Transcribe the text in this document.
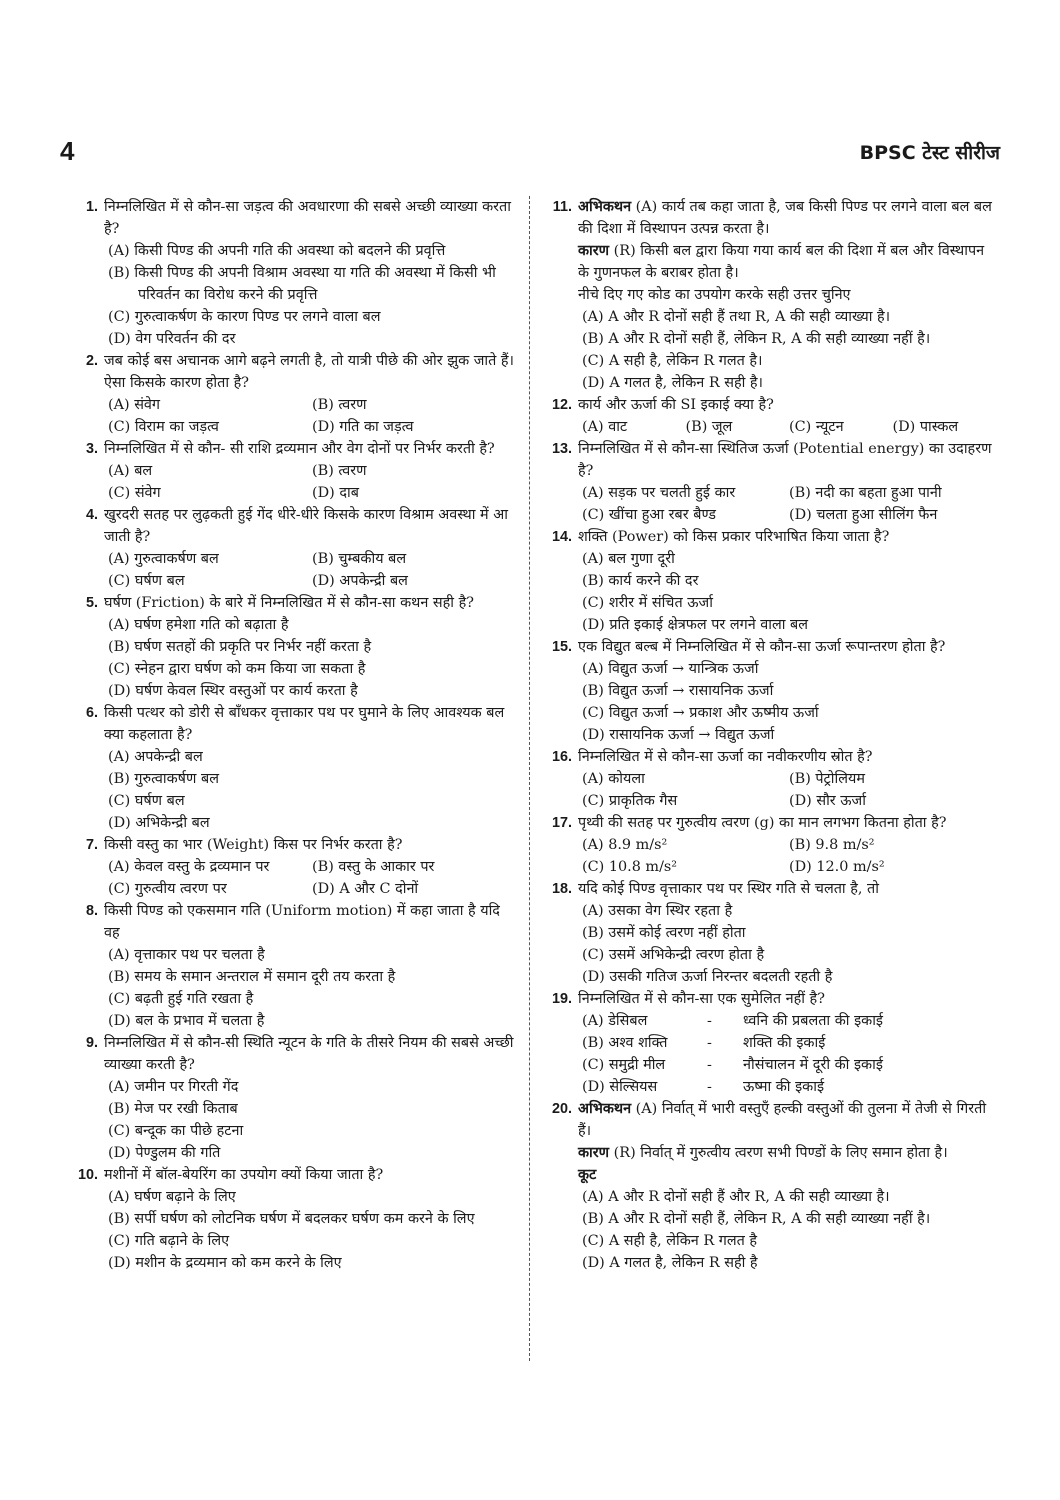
4	BPSC टेस्ट सीरीज
1. निम्नलिखित में से कौन-सा जड़त्व की अवधारणा की सबसे अच्छी व्याख्या करता है?
(A) किसी पिण्ड की अपनी गति की अवस्था को बदलने की प्रवृत्ति
(B) किसी पिण्ड की अपनी विश्राम अवस्था या गति की अवस्था में किसी भी परिवर्तन का विरोध करने की प्रवृत्ति
(C) गुरुत्वाकर्षण के कारण पिण्ड पर लगने वाला बल
(D) वेग परिवर्तन की दर
2. जब कोई बस अचानक आगे बढ़ने लगती है, तो यात्री पीछे की ओर झुक जाते हैं। ऐसा किसके कारण होता है?
(A) संवेग	(B) त्वरण
(C) विराम का जड़त्व	(D) गति का जड़त्व
3. निम्नलिखित में से कौन- सी राशि द्रव्यमान और वेग दोनों पर निर्भर करती है?
(A) बल	(B) त्वरण
(C) संवेग	(D) दाब
4. खुरदरी सतह पर लुढ़कती हुई गेंद धीरे-धीरे किसके कारण विश्राम अवस्था में आ जाती है?
(A) गुरुत्वाकर्षण बल	(B) चुम्बकीय बल
(C) घर्षण बल	(D) अपकेन्द्री बल
5. घर्षण (Friction) के बारे में निम्नलिखित में से कौन-सा कथन सही है?
(A) घर्षण हमेशा गति को बढ़ाता है
(B) घर्षण सतहों की प्रकृति पर निर्भर नहीं करता है
(C) स्नेहन द्वारा घर्षण को कम किया जा सकता है
(D) घर्षण केवल स्थिर वस्तुओं पर कार्य करता है
6. किसी पत्थर को डोरी से बाँधकर वृत्ताकार पथ पर घुमाने के लिए आवश्यक बल क्या कहलाता है?
(A) अपकेन्द्री बल
(B) गुरुत्वाकर्षण बल
(C) घर्षण बल
(D) अभिकेन्द्री बल
7. किसी वस्तु का भार (Weight) किस पर निर्भर करता है?
(A) केवल वस्तु के द्रव्यमान पर	(B) वस्तु के आकार पर
(C) गुरुत्वीय त्वरण पर	(D) A और C दोनों
8. किसी पिण्ड को एकसमान गति (Uniform motion) में कहा जाता है यदि वह
(A) वृत्ताकार पथ पर चलता है
(B) समय के समान अन्तराल में समान दूरी तय करता है
(C) बढ़ती हुई गति रखता है
(D) बल के प्रभाव में चलता है
9. निम्नलिखित में से कौन-सी स्थिति न्यूटन के गति के तीसरे नियम की सबसे अच्छी व्याख्या करती है?
(A) जमीन पर गिरती गेंद
(B) मेज पर रखी किताब
(C) बन्दूक का पीछे हटना
(D) पेण्डुलम की गति
10. मशीनों में बॉल-बेयरिंग का उपयोग क्यों किया जाता है?
(A) घर्षण बढ़ाने के लिए
(B) सर्पी घर्षण को लोटनिक घर्षण में बदलकर घर्षण कम करने के लिए
(C) गति बढ़ाने के लिए
(D) मशीन के द्रव्यमान को कम करने के लिए
11. अभिकथन (A) कार्य तब कहा जाता है, जब किसी पिण्ड पर लगने वाला बल बल की दिशा में विस्थापन उत्पन्न करता है।
कारण (R) किसी बल द्वारा किया गया कार्य बल की दिशा में बल और विस्थापन के गुणनफल के बराबर होता है।
नीचे दिए गए कोड का उपयोग करके सही उत्तर चुनिए
(A) A और R दोनों सही हैं तथा R, A की सही व्याख्या है।
(B) A और R दोनों सही हैं, लेकिन R, A की सही व्याख्या नहीं है।
(C) A सही है, लेकिन R गलत है।
(D) A गलत है, लेकिन R सही है।
12. कार्य और ऊर्जा की SI इकाई क्या है?
(A) वाट	(B) जूल	(C) न्यूटन	(D) पास्कल
13. निम्नलिखित में से कौन-सा स्थितिज ऊर्जा (Potential energy) का उदाहरण है?
(A) सड़क पर चलती हुई कार	(B) नदी का बहता हुआ पानी
(C) खींचा हुआ रबर बैण्ड	(D) चलता हुआ सीलिंग फैन
14. शक्ति (Power) को किस प्रकार परिभाषित किया जाता है?
(A) बल गुणा दूरी
(B) कार्य करने की दर
(C) शरीर में संचित ऊर्जा
(D) प्रति इकाई क्षेत्रफल पर लगने वाला बल
15. एक विद्युत बल्ब में निम्नलिखित में से कौन-सा ऊर्जा रूपान्तरण होता है?
(A) विद्युत ऊर्जा → यान्त्रिक ऊर्जा
(B) विद्युत ऊर्जा → रासायनिक ऊर्जा
(C) विद्युत ऊर्जा → प्रकाश और ऊष्मीय ऊर्जा
(D) रासायनिक ऊर्जा → विद्युत ऊर्जा
16. निम्नलिखित में से कौन-सा ऊर्जा का नवीकरणीय स्रोत है?
(A) कोयला	(B) पेट्रोलियम
(C) प्राकृतिक गैस	(D) सौर ऊर्जा
17. पृथ्वी की सतह पर गुरुत्वीय त्वरण (g) का मान लगभग कितना होता है?
(A) 8.9 m/s²	(B) 9.8 m/s²
(C) 10.8 m/s²	(D) 12.0 m/s²
18. यदि कोई पिण्ड वृत्ताकार पथ पर स्थिर गति से चलता है, तो
(A) उसका वेग स्थिर रहता है
(B) उसमें कोई त्वरण नहीं होता
(C) उसमें अभिकेन्द्री त्वरण होता है
(D) उसकी गतिज ऊर्जा निरन्तर बदलती रहती है
19. निम्नलिखित में से कौन-सा एक सुमेलित नहीं है?
(A) डेसिबल	-	ध्वनि की प्रबलता की इकाई
(B) अश्व शक्ति	-	शक्ति की इकाई
(C) समुद्री मील	-	नौसंचालन में दूरी की इकाई
(D) सेल्सियस	-	ऊष्मा की इकाई
20. अभिकथन (A) निर्वात् में भारी वस्तुएँ हल्की वस्तुओं की तुलना में तेजी से गिरती हैं।
कारण (R) निर्वात् में गुरुत्वीय त्वरण सभी पिण्डों के लिए समान होता है।
कूट
(A) A और R दोनों सही हैं और R, A की सही व्याख्या है।
(B) A और R दोनों सही हैं, लेकिन R, A की सही व्याख्या नहीं है।
(C) A सही है, लेकिन R गलत है
(D) A गलत है, लेकिन R सही है
